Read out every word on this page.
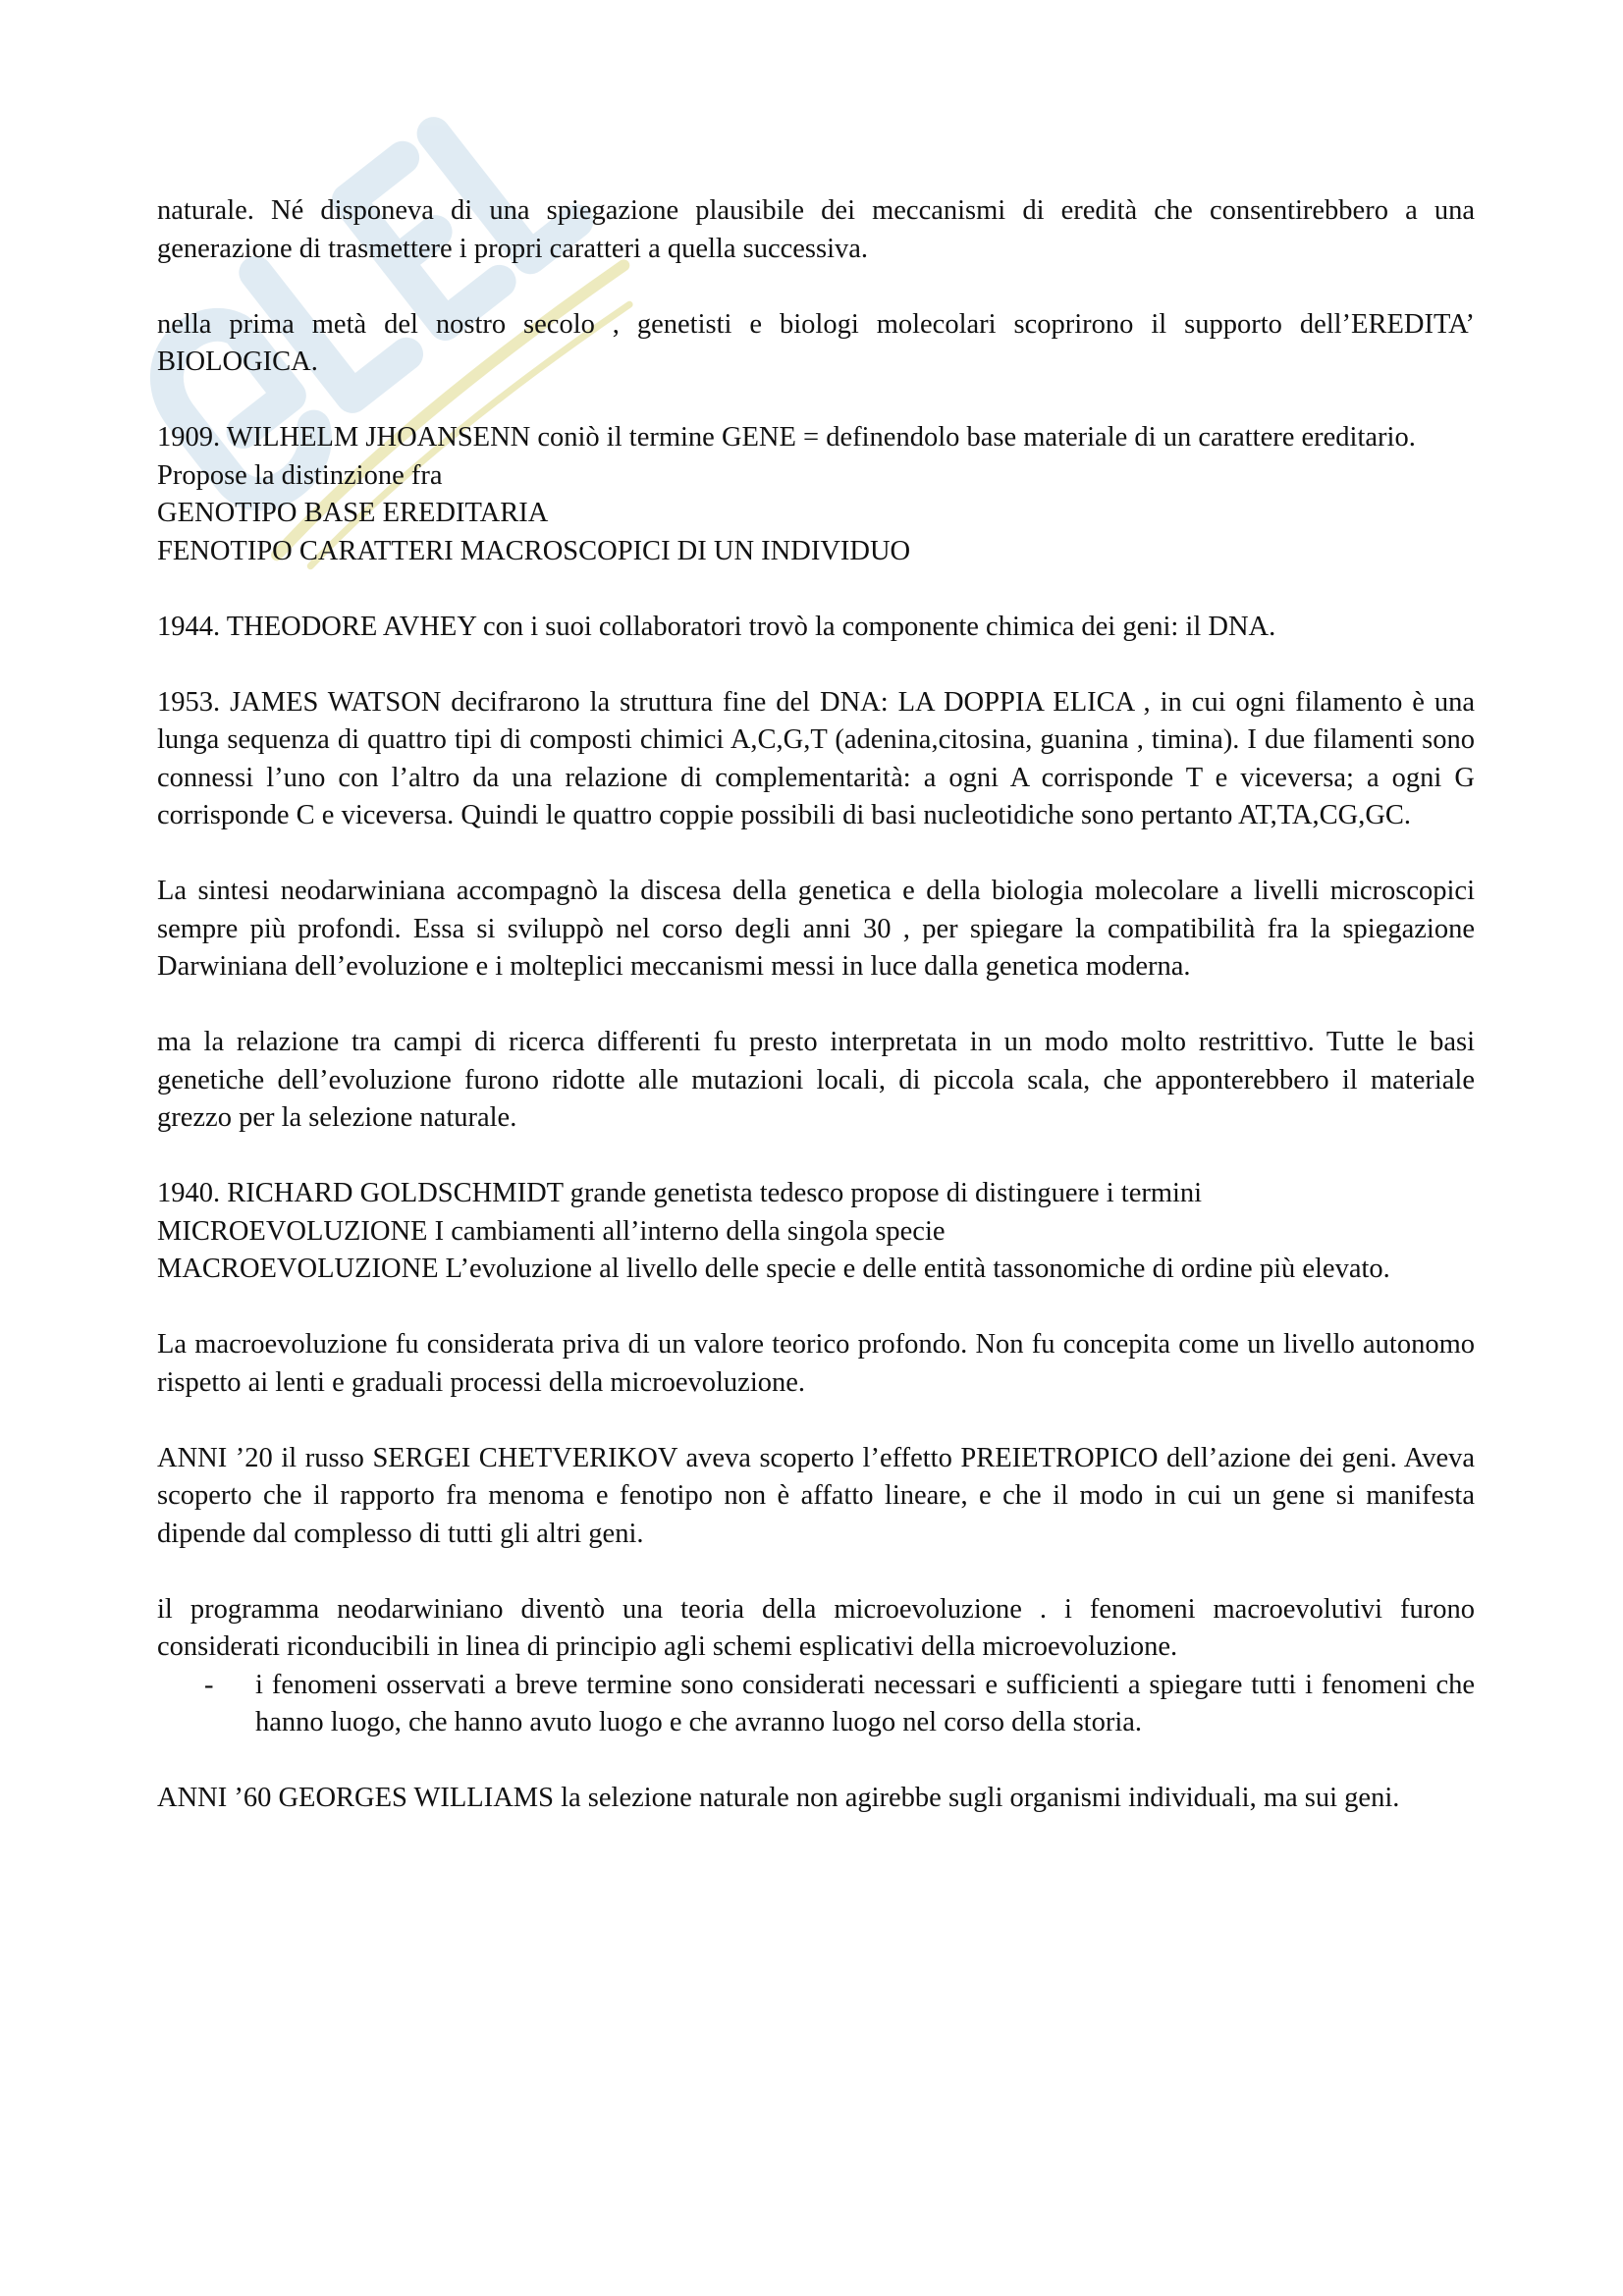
naturale. Né disponeva di una spiegazione plausibile dei meccanismi di eredità che consentirebbero a una generazione di trasmettere i propri caratteri a quella successiva.

nella prima metà del nostro secolo , genetisti e biologi molecolari scoprirono il supporto dell’EREDITA’ BIOLOGICA.

1909. WILHELM JHOANSENN coniò il termine GENE = definendolo base materiale di un carattere ereditario.
Propose la distinzione fra
GENOTIPO BASE EREDITARIA
FENOTIPO CARATTERI MACROSCOPICI DI UN INDIVIDUO

1944. THEODORE AVHEY con i suoi collaboratori trovò la componente chimica dei geni: il DNA.

1953. JAMES WATSON decifrarono la struttura fine del DNA: LA DOPPIA ELICA , in cui ogni filamento è una lunga sequenza di quattro tipi di composti chimici A,C,G,T (adenina,citosina, guanina , timina). I due filamenti sono connessi l’uno con l’altro da una relazione di complementarità: a ogni A corrisponde T e viceversa; a ogni G corrisponde C e viceversa. Quindi le quattro coppie possibili di basi nucleotidiche sono pertanto AT,TA,CG,GC.

La sintesi neodarwiniana accompagnò la discesa della genetica e della biologia molecolare a livelli microscopici sempre più profondi. Essa si sviluppò nel corso degli anni 30 , per spiegare la compatibilità fra la spiegazione Darwiniana dell’evoluzione e i molteplici meccanismi messi in luce dalla genetica moderna.

ma la relazione tra campi di ricerca differenti fu presto interpretata in un modo molto restrittivo. Tutte le basi genetiche dell’evoluzione furono ridotte alle mutazioni locali, di piccola scala, che apponterebbero il materiale grezzo per la selezione naturale.

1940. RICHARD GOLDSCHMIDT grande genetista tedesco propose di distinguere i termini
MICROEVOLUZIONE I cambiamenti all’interno della singola specie
MACROEVOLUZIONE L’evoluzione al livello delle specie e delle entità tassonomiche di ordine più elevato.

La macroevoluzione fu considerata priva di un valore teorico profondo. Non fu concepita come un livello autonomo rispetto ai lenti e graduali processi della microevoluzione.

ANNI ’20 il russo SERGEI CHETVERIKOV aveva scoperto l’effetto PREIETROPICO dell’azione dei geni. Aveva scoperto che il rapporto fra menoma e fenotipo non è affatto lineare, e che il modo in cui un gene si manifesta dipende dal complesso di tutti gli altri geni.

il programma neodarwiniano diventò una teoria della microevoluzione . i fenomeni macroevolutivi furono considerati riconducibili in linea di principio agli schemi esplicativi della microevoluzione.

-	i fenomeni osservati a breve termine sono considerati necessari e sufficienti a spiegare tutti i fenomeni che hanno luogo, che hanno avuto luogo e che avranno luogo nel corso della storia.

ANNI ’60 GEORGES WILLIAMS la selezione naturale non agirebbe sugli organismi individuali, ma sui geni.
